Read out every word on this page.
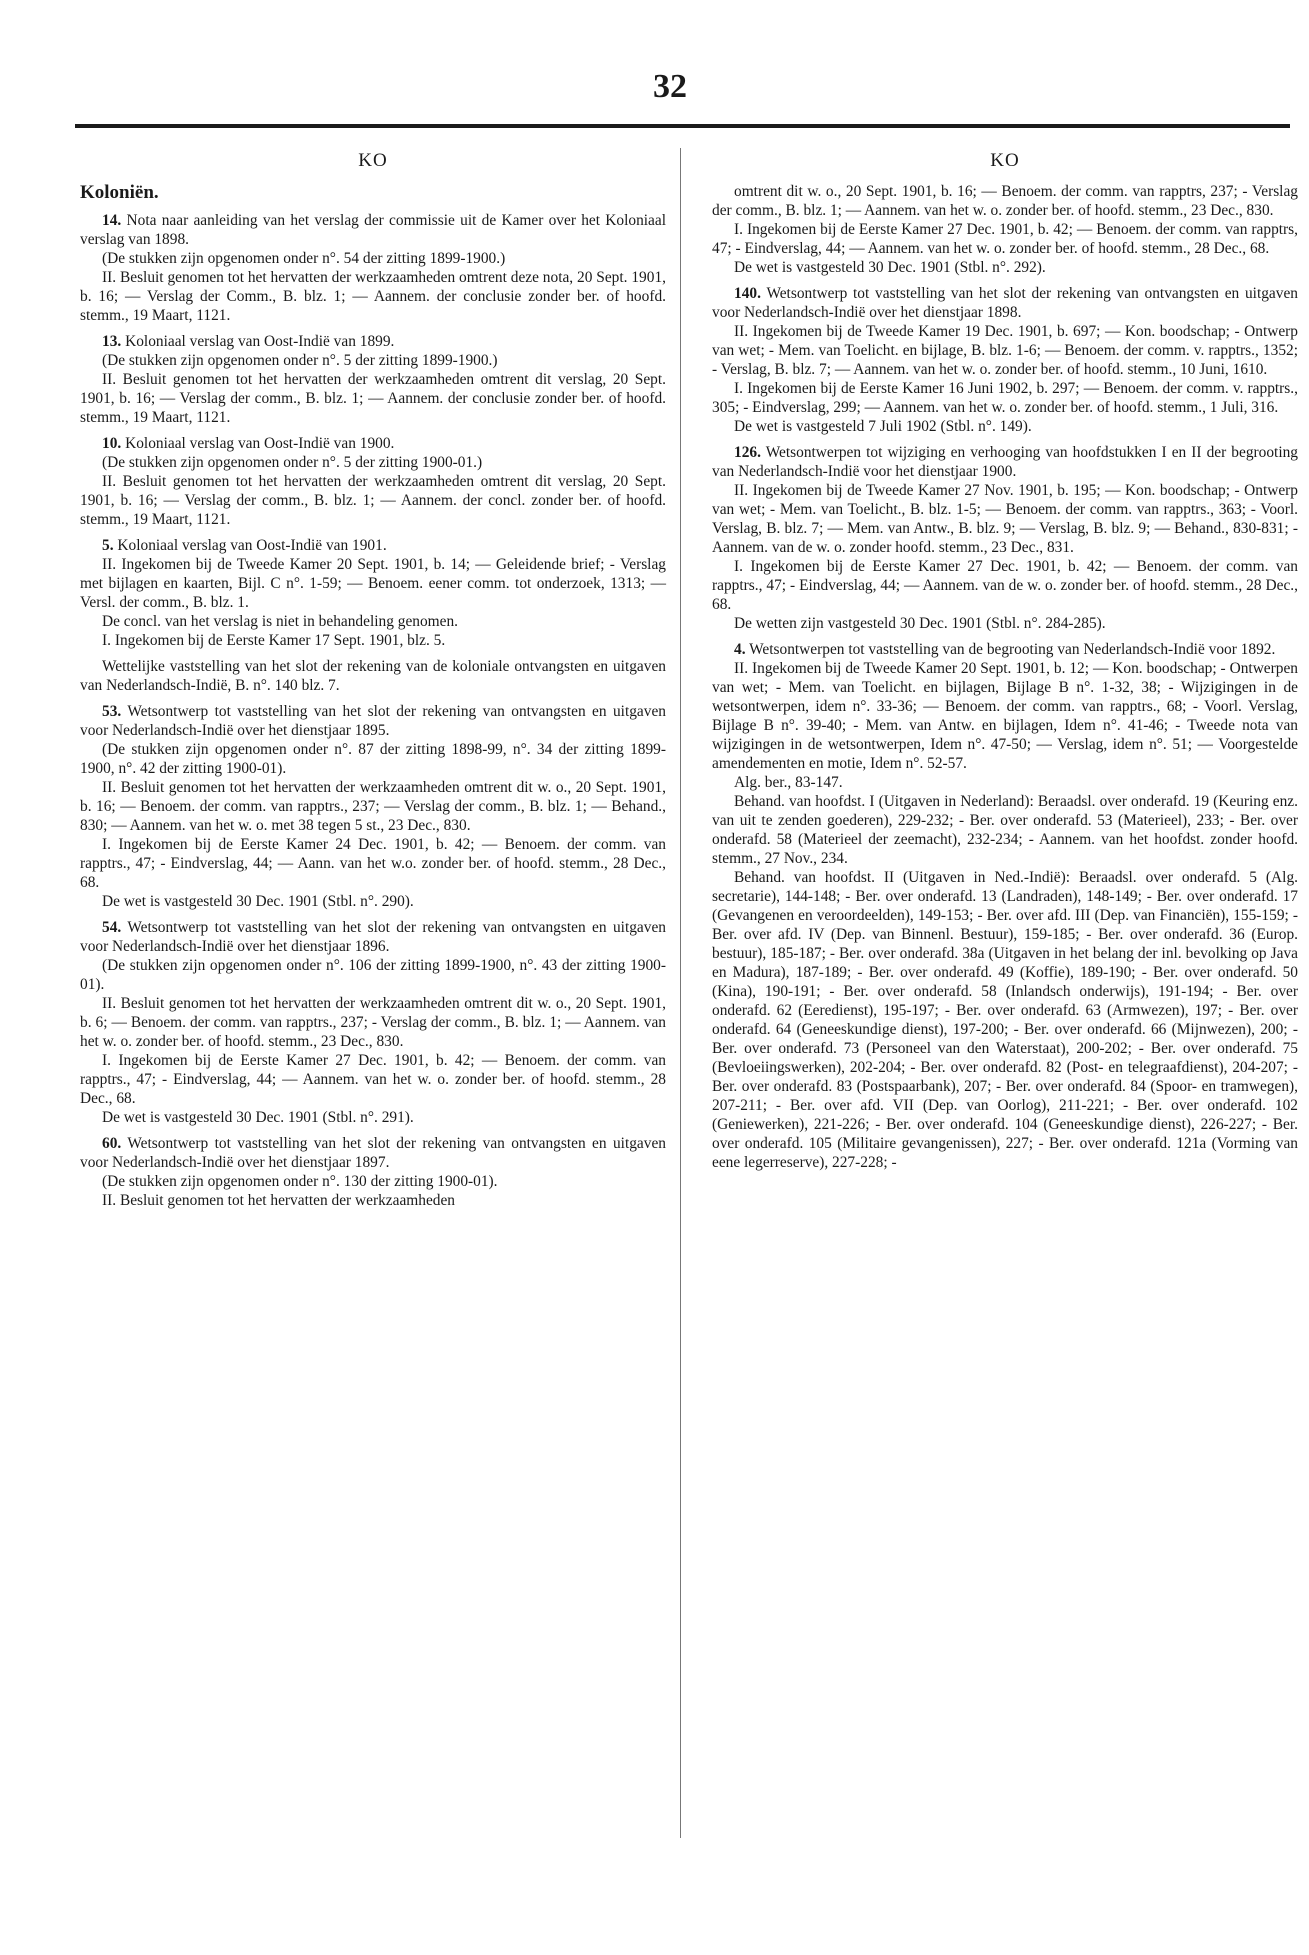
32
KO
Koloniën.

14. Nota naar aanleiding van het verslag der commissie uit de Kamer over het Koloniaal verslag van 1898.

(De stukken zijn opgenomen onder n°. 54 der zitting 1899-1900.)

II. Besluit genomen tot het hervatten der werkzaamheden omtrent deze nota, 20 Sept. 1901, b. 16; — Verslag der Comm., B. blz. 1; — Aannem. der conclusie zonder ber. of hoofd. stemm., 19 Maart, 1121.

13. Koloniaal verslag van Oost-Indië van 1899.

(De stukken zijn opgenomen onder n°. 5 der zitting 1899-1900.)

II. Besluit genomen tot het hervatten der werkzaamheden omtrent dit verslag, 20 Sept. 1901, b. 16; — Verslag der comm., B. blz. 1; — Aannem. der conclusie zonder ber. of hoofd. stemm., 19 Maart, 1121.

10. Koloniaal verslag van Oost-Indië van 1900.

(De stukken zijn opgenomen onder n°. 5 der zitting 1900-01.)

II. Besluit genomen tot het hervatten der werkzaamheden omtrent dit verslag, 20 Sept. 1901, b. 16; — Verslag der comm., B. blz. 1; — Aannem. der concl. zonder ber. of hoofd. stemm., 19 Maart, 1121.

5. Koloniaal verslag van Oost-Indië van 1901.

II. Ingekomen bij de Tweede Kamer 20 Sept. 1901, b. 14; — Geleidende brief; - Verslag met bijlagen en kaarten, Bijl. C n°. 1-59; — Benoem. eener comm. tot onderzoek, 1313; — Versl. der comm., B. blz. 1.

De concl. van het verslag is niet in behandeling genomen.

I. Ingekomen bij de Eerste Kamer 17 Sept. 1901, blz. 5.

Wettelijke vaststelling van het slot der rekening van de koloniale ontvangsten en uitgaven van Nederlandsch-Indië, B. n°. 140 blz. 7.

53. Wetsontwerp tot vaststelling van het slot der rekening van ontvangsten en uitgaven voor Nederlandsch-Indië over het dienstjaar 1895.

(De stukken zijn opgenomen onder n°. 87 der zitting 1898-99, n°. 34 der zitting 1899-1900, n°. 42 der zitting 1900-01).

II. Besluit genomen tot het hervatten der werkzaamheden omtrent dit w. o., 20 Sept. 1901, b. 16; — Benoem. der comm. van rapptrs., 237; — Verslag der comm., B. blz. 1; — Behand., 830; — Aannem. van het w. o. met 38 tegen 5 st., 23 Dec., 830.

I. Ingekomen bij de Eerste Kamer 24 Dec. 1901, b. 42; — Benoem. der comm. van rapptrs., 47; - Eindverslag, 44; — Aann. van het w.o. zonder ber. of hoofd. stemm., 28 Dec., 68.

De wet is vastgesteld 30 Dec. 1901 (Stbl. n°. 290).

54. Wetsontwerp tot vaststelling van het slot der rekening van ontvangsten en uitgaven voor Nederlandsch-Indië over het dienstjaar 1896.

(De stukken zijn opgenomen onder n°. 106 der zitting 1899-1900, n°. 43 der zitting 1900-01).

II. Besluit genomen tot het hervatten der werkzaamheden omtrent dit w. o., 20 Sept. 1901, b. 6; — Benoem. der comm. van rapptrs., 237; - Verslag der comm., B. blz. 1; — Aannem. van het w. o. zonder ber. of hoofd. stemm., 23 Dec., 830.

I. Ingekomen bij de Eerste Kamer 27 Dec. 1901, b. 42; — Benoem. der comm. van rapptrs., 47; - Eindverslag, 44; — Aannem. van het w. o. zonder ber. of hoofd. stemm., 28 Dec., 68.

De wet is vastgesteld 30 Dec. 1901 (Stbl. n°. 291).

60. Wetsontwerp tot vaststelling van het slot der rekening van ontvangsten en uitgaven voor Nederlandsch-Indië over het dienstjaar 1897.

(De stukken zijn opgenomen onder n°. 130 der zitting 1900-01).

II. Besluit genomen tot het hervatten der werkzaamheden

KO

omtrent dit w. o., 20 Sept. 1901, b. 16; — Benoem. der comm. van rapptrs, 237; - Verslag der comm., B. blz. 1; — Aannem. van het w. o. zonder ber. of hoofd. stemm., 23 Dec., 830.

I. Ingekomen bij de Eerste Kamer 27 Dec. 1901, b. 42; — Benoem. der comm. van rapptrs, 47; - Eindverslag, 44; — Aannem. van het w. o. zonder ber. of hoofd. stemm., 28 Dec., 68.

De wet is vastgesteld 30 Dec. 1901 (Stbl. n°. 292).

140. Wetsontwerp tot vaststelling van het slot der rekening van ontvangsten en uitgaven voor Nederlandsch-Indië over het dienstjaar 1898.

II. Ingekomen bij de Tweede Kamer 19 Dec. 1901, b. 697; — Kon. boodschap; - Ontwerp van wet; - Mem. van Toelicht. en bijlage, B. blz. 1-6; — Benoem. der comm. v. rapptrs., 1352; - Verslag, B. blz. 7; — Aannem. van het w. o. zonder ber. of hoofd. stemm., 10 Juni, 1610.

I. Ingekomen bij de Eerste Kamer 16 Juni 1902, b. 297; — Benoem. der comm. v. rapptrs., 305; - Eindverslag, 299; — Aannem. van het w. o. zonder ber. of hoofd. stemm., 1 Juli, 316.

De wet is vastgesteld 7 Juli 1902 (Stbl. n°. 149).

126. Wetsontwerpen tot wijziging en verhooging van hoofdstukken I en II der begrooting van Nederlandsch-Indië voor het dienstjaar 1900.

II. Ingekomen bij de Tweede Kamer 27 Nov. 1901, b. 195; — Kon. boodschap; - Ontwerp van wet; - Mem. van Toelicht., B. blz. 1-5; — Benoem. der comm. van rapptrs., 363; - Voorl. Verslag, B. blz. 7; — Mem. van Antw., B. blz. 9; — Verslag, B. blz. 9; — Behand., 830-831; - Aannem. van de w. o. zonder hoofd. stemm., 23 Dec., 831.

I. Ingekomen bij de Eerste Kamer 27 Dec. 1901, b. 42; — Benoem. der comm. van rapptrs., 47; - Eindverslag, 44; — Aannem. van de w. o. zonder ber. of hoofd. stemm., 28 Dec., 68.

De wetten zijn vastgesteld 30 Dec. 1901 (Stbl. n°. 284-285).

4. Wetsontwerpen tot vaststelling van de begrooting van Nederlandsch-Indië voor 1892.

II. Ingekomen bij de Tweede Kamer 20 Sept. 1901, b. 12; — Kon. boodschap; - Ontwerpen van wet; - Mem. van Toelicht. en bijlagen, Bijlage B n°. 1-32, 38; - Wijzigingen in de wetsontwerpen, idem n°. 33-36; — Benoem. der comm. van rapptrs., 68; - Voorl. Verslag, Bijlage B n°. 39-40; - Mem. van Antw. en bijlagen, Idem n°. 41-46; - Tweede nota van wijzigingen in de wetsontwerpen, Idem n°. 47-50; — Verslag, idem n°. 51; — Voorgestelde amendementen en motie, Idem n°. 52-57.

Alg. ber., 83-147.

Behand. van hoofdst. I (Uitgaven in Nederland): Beraadsl. over onderafd. 19 (Keuring enz. van uit te zenden goederen), 229-232; - Ber. over onderafd. 53 (Materieel), 233; - Ber. over onderafd. 58 (Materieel der zeemacht), 232-234; - Aannem. van het hoofdst. zonder hoofd. stemm., 27 Nov., 234.

Behand. van hoofdst. II (Uitgaven in Ned.-Indië): Beraadsl. over onderafd. 5 (Alg. secretarie), 144-148; - Ber. over onderafd. 13 (Landraden), 148-149; - Ber. over onderafd. 17 (Gevangenen en veroordeelden), 149-153; - Ber. over afd. III (Dep. van Financiën), 155-159; - Ber. over afd. IV (Dep. van Binnenl. Bestuur), 159-185; - Ber. over onderafd. 36 (Europ. bestuur), 185-187; - Ber. over onderafd. 38a (Uitgaven in het belang der inl. bevolking op Java en Madura), 187-189; - Ber. over onderafd. 49 (Koffie), 189-190; - Ber. over onderafd. 50 (Kina), 190-191; - Ber. over onderafd. 58 (Inlandsch onderwijs), 191-194; - Ber. over onderafd. 62 (Eeredienst), 195-197; - Ber. over onderafd. 63 (Armwezen), 197; - Ber. over onderafd. 64 (Geneeskundige dienst), 197-200; - Ber. over onderafd. 66 (Mijnwezen), 200; - Ber. over onderafd. 73 (Personeel van den Waterstaat), 200-202; - Ber. over onderafd. 75 (Bevloeiingswerken), 202-204; - Ber. over onderafd. 82 (Post- en telegraafdienst), 204-207; - Ber. over onderafd. 83 (Postspaarbank), 207; - Ber. over onderafd. 84 (Spoor- en tramwegen), 207-211; - Ber. over afd. VII (Dep. van Oorlog), 211-221; - Ber. over onderafd. 102 (Geniewerken), 221-226; - Ber. over onderafd. 104 (Geneeskundige dienst), 226-227; - Ber. over onderafd. 105 (Militaire gevangenissen), 227; - Ber. over onderafd. 121a (Vorming van eene legerreserve), 227-228; -
